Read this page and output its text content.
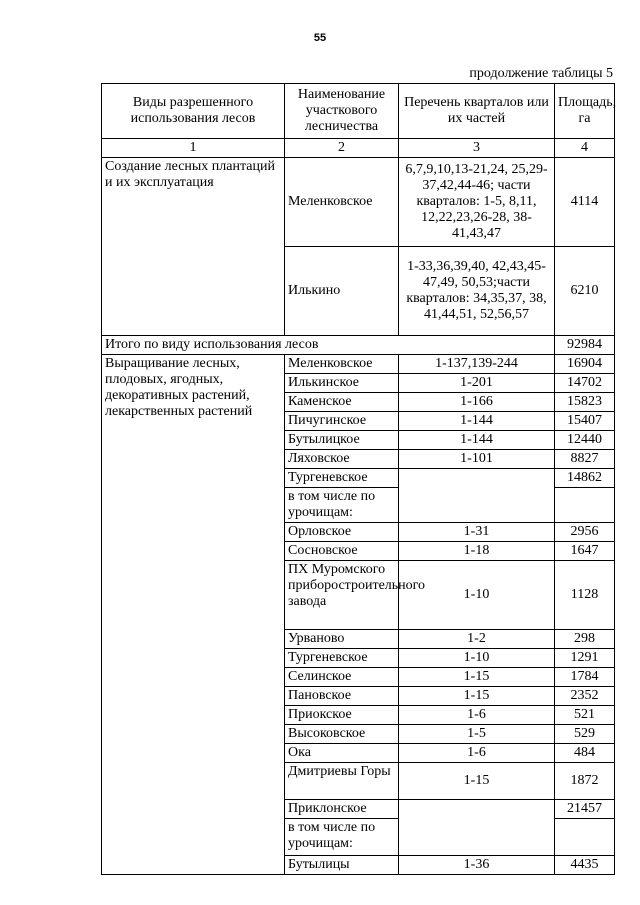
55
продолжение таблицы 5
Виды разрешенного использования лесов	Наименование участкового лесничества	Перечень кварталов или их частей	Площадь, га
1	2	3	4
Создание лесных плантаций и их эксплуатация	Меленковское	6,7,9,10,13-21,24, 25,29-37,42,44-46; части кварталов: 1-5, 8,11, 12,22,23,26-28, 38-41,43,47	4114
	Илькино	1-33,36,39,40, 42,43,45-47,49, 50,53;части кварталов: 34,35,37, 38, 41,44,51, 52,56,57	6210
Итого по виду использования лесов			92984
Выращивание лесных, плодовых, ягодных, декоративных растений, лекарственных растений	Меленковское	1-137,139-244	16904
	Илькинское	1-201	14702
	Каменское	1-166	15823
	Пичугинское	1-144	15407
	Бутылицкое	1-144	12440
	Ляховское	1-101	8827
	Тургеневское		14862
	в том числе по урочищам:		
	Орловское	1-31	2956
	Сосновское	1-18	1647
	ПХ Муромского приборостроительного завода	1-10	1128
	Урваново	1-2	298
	Тургеневское	1-10	1291
	Селинское	1-15	1784
	Пановское	1-15	2352
	Приокское	1-6	521
	Высоковское	1-5	529
	Ока	1-6	484
	Дмитриевы Горы	1-15	1872
	Приклонское		21457
	в том числе по урочищам:		
	Бутылицы	1-36	4435
